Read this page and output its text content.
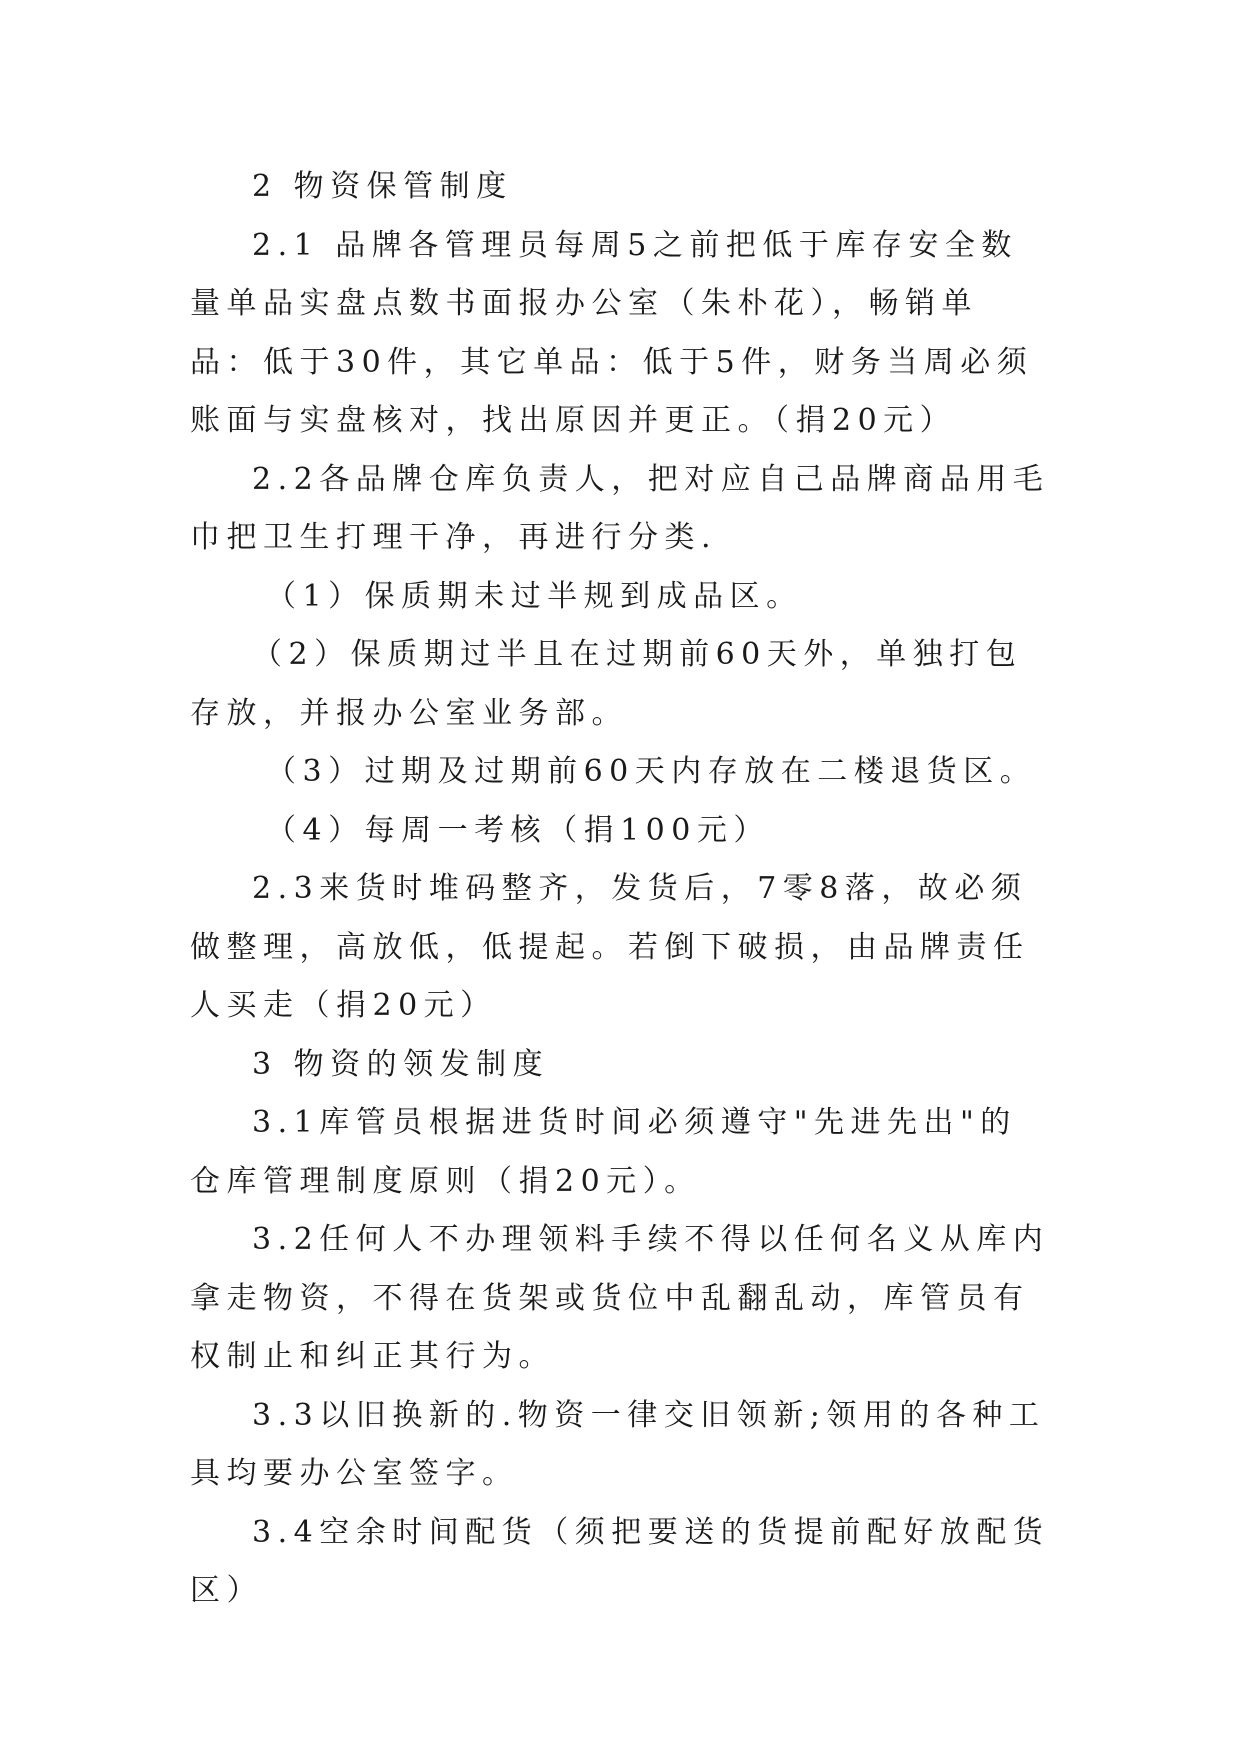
2 物资保管制度

2.1 品牌各管理员每周5之前把低于库存安全数量单品实盘点数书面报办公室（朱朴花），畅销单品：低于30件，其它单品：低于5件，财务当周必须账面与实盘核对，找出原因并更正。（捐20元）

2.2各品牌仓库负责人，把对应自己品牌商品用毛巾把卫生打理干净，再进行分类.

（1）保质期未过半规到成品区。

（2）保质期过半且在过期前60天外，单独打包存放，并报办公室业务部。

（3）过期及过期前60天内存放在二楼退货区。

（4）每周一考核（捐100元）

2.3来货时堆码整齐，发货后，7零8落，故必须做整理，高放低，低提起。若倒下破损，由品牌责任人买走（捐20元）

3 物资的领发制度

3.1库管员根据进货时间必须遵守"先进先出"的仓库管理制度原则（捐20元）。

3.2任何人不办理领料手续不得以任何名义从库内拿走物资，不得在货架或货位中乱翻乱动，库管员有权制止和纠正其行为。

3.3以旧换新的.物资一律交旧领新;领用的各种工具均要办公室签字。

3.4空余时间配货（须把要送的货提前配好放配货区）
